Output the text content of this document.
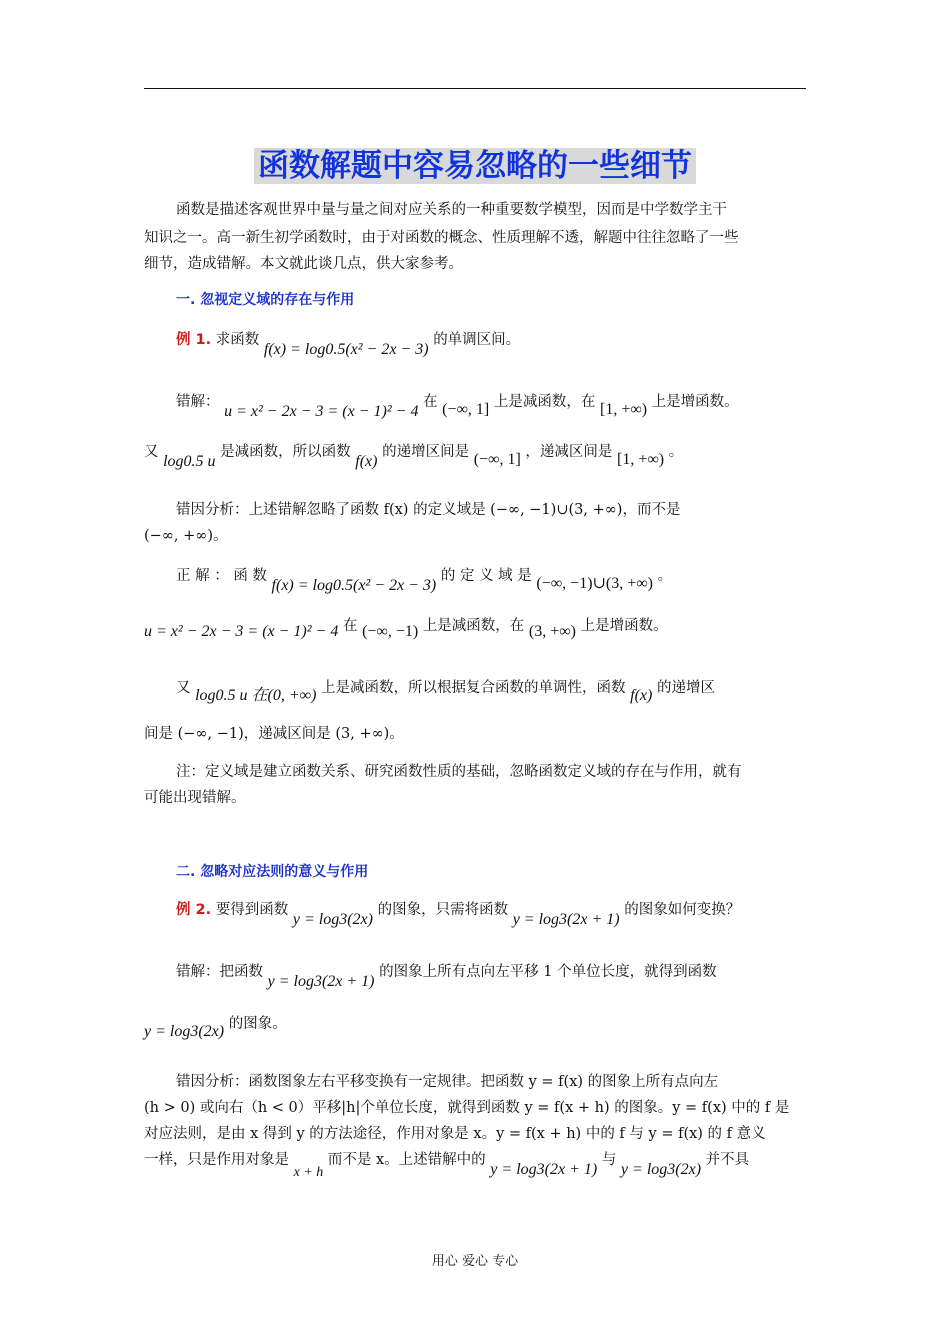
函数解题中容易忽略的一些细节
函数是描述客观世界中量与量之间对应关系的一种重要数学模型，因而是中学数学主干
知识之一。高一新生初学函数时，由于对函数的概念、性质理解不透，解题中往往忽略了一些
细节，造成错解。本文就此谈几点，供大家参考。
一. 忽视定义域的存在与作用
例 1. 求函数 f(x) = log0.5(x² − 2x − 3) 的单调区间。
错解： u = x² − 2x − 3 = (x − 1)² − 4 在 (−∞, 1] 上是减函数，在 [1, +∞) 上是增函数。
又 log0.5 u 是减函数，所以函数 f(x) 的递增区间是 (−∞, 1] ，递减区间是 [1, +∞) 。
错因分析：上述错解忽略了函数 f(x) 的定义域是 (−∞, −1)∪(3, +∞)，而不是
(−∞, +∞)。
正 解 ： 函 数 f(x) = log0.5(x² − 2x − 3) 的 定 义 域 是 (−∞, −1)∪(3, +∞) 。
u = x² − 2x − 3 = (x − 1)² − 4 在 (−∞, −1) 上是减函数，在 (3, +∞) 上是增函数。
又 log0.5 u 在(0, +∞) 上是减函数，所以根据复合函数的单调性，函数 f(x) 的递增区
间是 (−∞, −1)，递减区间是 (3, +∞)。
注：定义域是建立函数关系、研究函数性质的基础，忽略函数定义域的存在与作用，就有
可能出现错解。
二. 忽略对应法则的意义与作用
例 2. 要得到函数 y = log3(2x) 的图象，只需将函数 y = log3(2x + 1) 的图象如何变换？
错解：把函数 y = log3(2x + 1) 的图象上所有点向左平移 1 个单位长度，就得到函数
y = log3(2x) 的图象。
错因分析：函数图象左右平移变换有一定规律。把函数 y = f(x) 的图象上所有点向左
(h > 0) 或向右（h < 0）平移|h|个单位长度，就得到函数 y = f(x + h) 的图象。y = f(x) 中的 f 是
对应法则，是由 x 得到 y 的方法途径，作用对象是 x。y = f(x + h) 中的 f 与 y = f(x) 的 f 意义
一样，只是作用对象是 x + h 而不是 x。上述错解中的 y = log3(2x + 1) 与 y = log3(2x) 并不具
用心 爱心 专心
